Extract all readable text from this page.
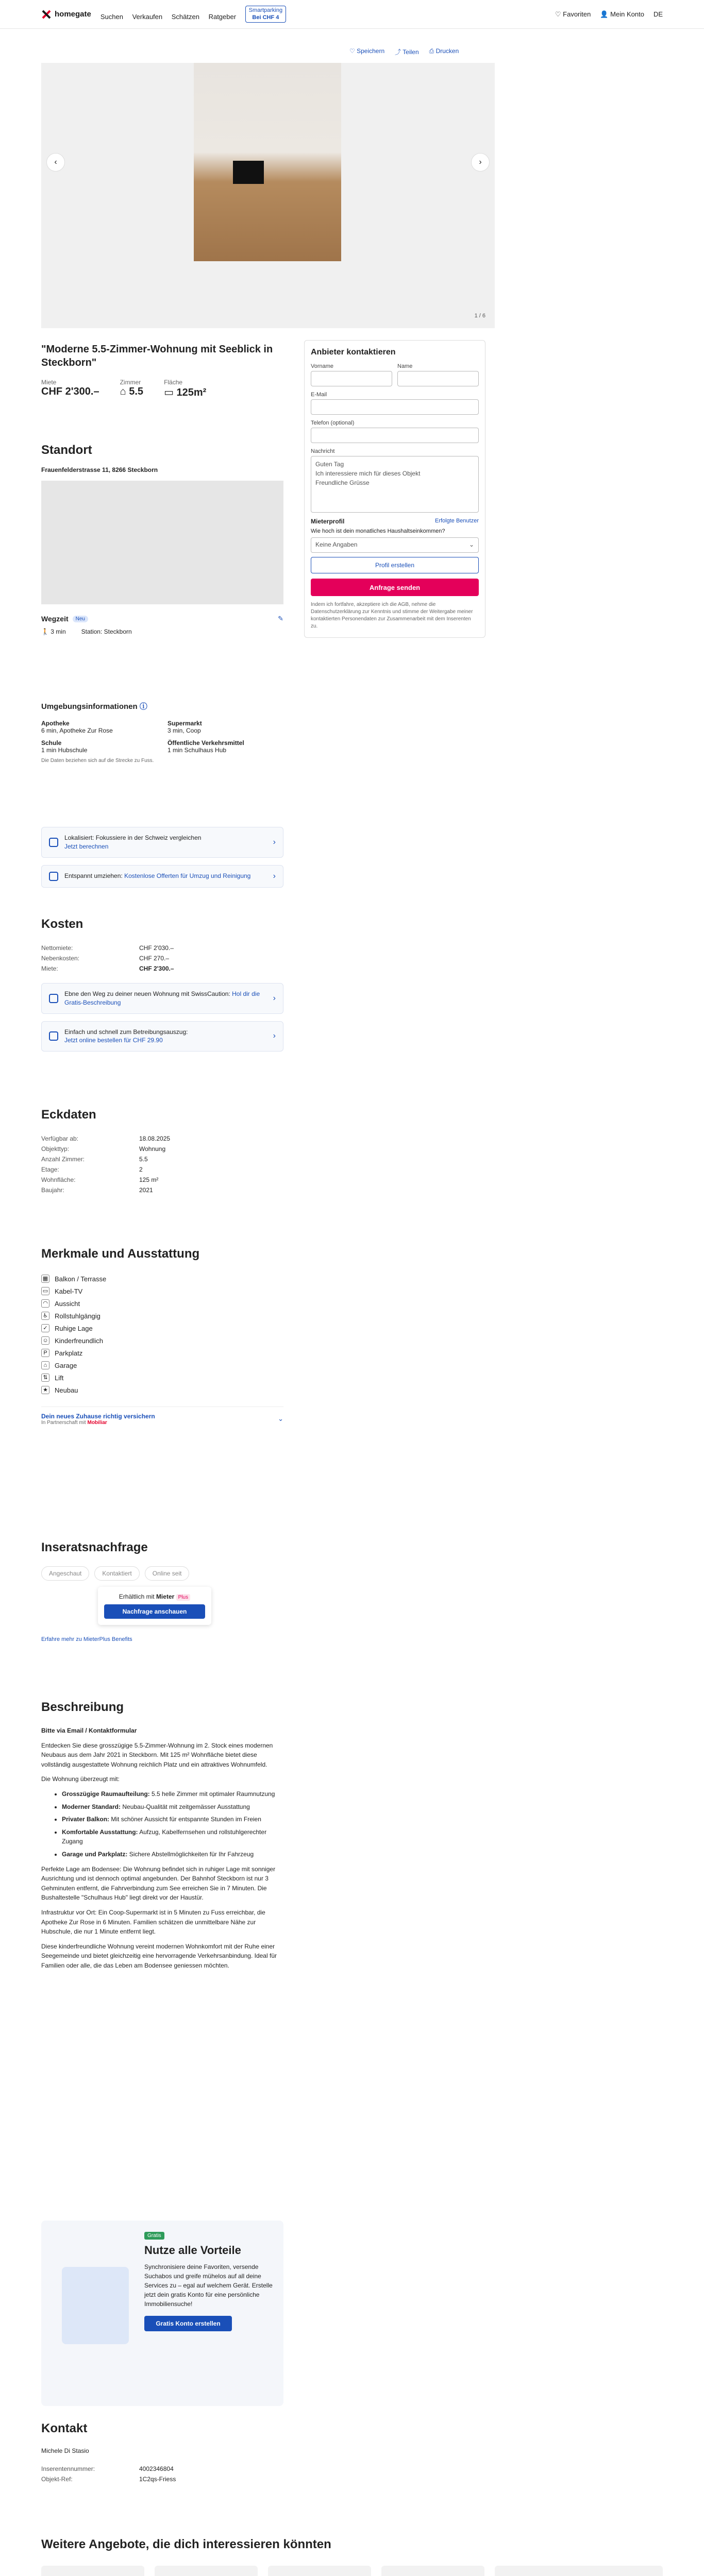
homegate Suchen Verkaufen Schätzen Ratgeber Smartparking
Bei CHF 4	♡ Favoriten 👤 Mein Konto DE
♡ Speichern ⤴ Teilen ⎙ Drucken
‹	›
1 / 6
"Moderne 5.5-Zimmer-Wohnung mit Seeblick in Steckborn"
Miete
CHF 2'300.–
Zimmer
⌂ 5.5
Fläche
▭ 125m²
Standort
Frauenfelderstrasse 11, 8266 Steckborn
Wegzeit	Neu	✎
🚶 3 min	Station: Steckborn
Umgebungsinformationen ⓘ
Apotheke
6 min, Apotheke Zur Rose
Supermarkt
3 min, Coop
Schule
1 min Hubschule
Öffentliche Verkehrsmittel
1 min Schulhaus Hub
Die Daten beziehen sich auf die Strecke zu Fuss.
Lokalisiert: Fokussiere in der Schweiz vergleichen
Jetzt berechnen	›
Entspannt umziehen: Kostenlose Offerten für Umzug und Reinigung	›
Kosten
Nettomiete:	CHF 2'030.–
Nebenkosten:	CHF 270.–
Miete:	CHF 2'300.–
Ebne den Weg zu deiner neuen Wohnung mit SwissCaution: Hol dir die Gratis-Beschreibung	›
Einfach und schnell zum Betreibungsauszug:
Jetzt online bestellen für CHF 29.90	›
Eckdaten
Verfügbar ab:	18.08.2025
Objekttyp:	Wohnung
Anzahl Zimmer:	5.5
Etage:	2
Wohnfläche:	125 m²
Baujahr:	2021
Merkmale und Ausstattung
▦ Balkon / Terrasse
▭ Kabel-TV
◠ Aussicht
♿ Rollstuhlgängig
✓ Ruhige Lage
☺ Kinderfreundlich
P	Parkplatz
⌂	Garage
⇅ Lift
★ Neubau
Dein neues Zuhause richtig versichern
In Partnerschaft mit Mobiliar
⌄
Inseratsnachfrage
Angeschaut	Kontaktiert	Online seit
Erhältlich mit Mieter Plus
Nachfrage anschauen
Erfahre mehr zu MieterPlus Benefits
Beschreibung
Bitte via Email / Kontaktformular

Entdecken Sie diese grosszügige 5.5-Zimmer-Wohnung im 2. Stock eines modernen Neubaus aus dem Jahr 2021 in Steckborn. Mit 125 m² Wohnfläche bietet diese vollständig ausgestattete Wohnung reichlich Platz und ein attraktives Wohnumfeld.

Die Wohnung überzeugt mit:

• Grosszügige Raumaufteilung: 5.5 helle Zimmer mit optimaler Raumnutzung
• Moderner Standard: Neubau-Qualität mit zeitgemässer Ausstattung
• Privater Balkon: Mit schöner Aussicht für entspannte Stunden im Freien
• Komfortable Ausstattung: Aufzug, Kabelfernsehen und rollstuhlgerechter Zugang
• Garage und Parkplatz: Sichere Abstellmöglichkeiten für Ihr Fahrzeug

Perfekte Lage am Bodensee: Die Wohnung befindet sich in ruhiger Lage mit sonniger Ausrichtung und ist dennoch optimal angebunden. Der Bahnhof Steckborn ist nur 3 Gehminuten entfernt, die Fahrverbindung zum See erreichen Sie in 7 Minuten. Die Bushaltestelle "Schulhaus Hub" liegt direkt vor der Haustür.

Infrastruktur vor Ort: Ein Coop-Supermarkt ist in 5 Minuten zu Fuss erreichbar, die Apotheke Zur Rose in 6 Minuten. Familien schätzen die unmittelbare Nähe zur Hubschule, die nur 1 Minute entfernt liegt.

Diese kinderfreundliche Wohnung vereint modernen Wohnkomfort mit der Ruhe einer Seegemeinde und bietet gleichzeitig eine hervorragende Verkehrsanbindung. Ideal für Familien oder alle, die das Leben am Bodensee geniessen möchten.

Gratis
Nutze alle Vorteile

Synchronisiere deine Favoriten, versende Suchabos und greife mühelos auf all deine Services zu – egal auf welchem Gerät. Erstelle jetzt dein gratis Konto für eine persönliche Immobiliensuche!

Gratis Konto erstellen
Kontakt
Michele Di Stasio
Inserentennummer:	4002346804
Objekt-Ref:	1C2qs-Friess
Weitere Angebote, die dich interessieren könnten

Anbieter kontaktieren
Vorname	Name
E-Mail
Telefon (optional)
Nachricht
Guten Tag
Ich interessiere mich für dieses Objekt
Freundliche Grüsse
Mieterprofil	Erfolgte Benutzer
Wie hoch ist dein monatliches Haushaltseinkommen?
Keine Angaben	⌄
Profil erstellen
Anfrage senden

Indem ich fortfahre, akzeptiere ich die AGB, nehme die Datenschutzerklärung zur Kenntnis und stimme der Weitergabe meiner kontaktierten Personendaten zur Zusammenarbeit mit dem Inserenten zu.
